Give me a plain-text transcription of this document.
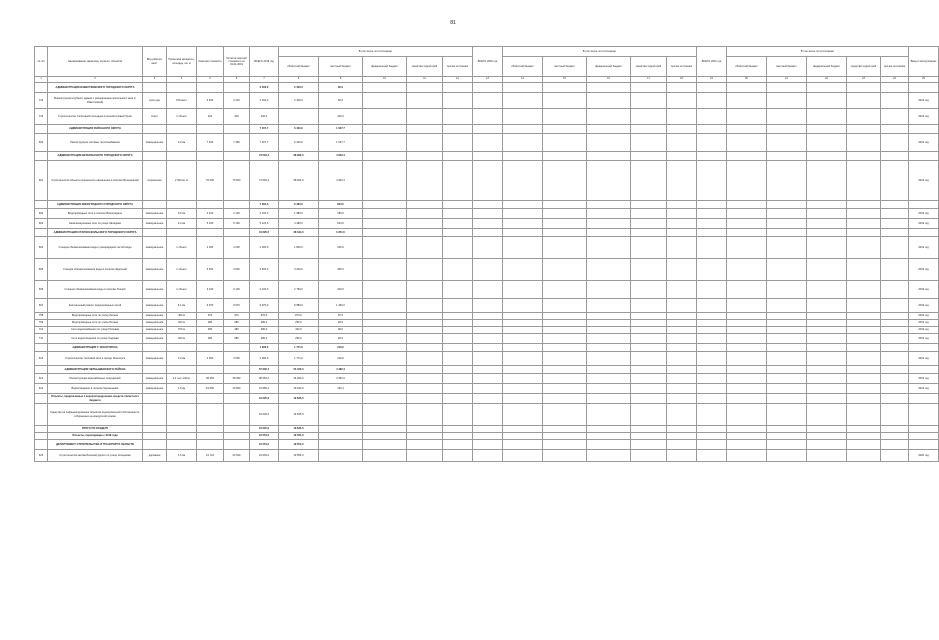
81
№ п/п	Наименование заказчика, отрасли, объектов	Вид рабочих мест	Проектная мощность, площадь, км, м	Сметная стоимость	Остаток сметной стоимости на 01.01.2019	ВСЕГО 2019 год	В том числе по источникам:					ВСЕГО 2020 год	В том числе по источникам:					ВСЕГО 2021 год	В том числе по источникам:					Ввод в эксплуатацию
							областной бюджет	местный бюджет	федеральный бюджет	средства территорий	прочие источники		областной бюджет	местный бюджет	федеральный бюджет	средства территорий	прочие источники		областной бюджет	местный бюджет	федеральный бюджет	средства территорий	прочие источники	
1	2	3	4	5	6	7	8	9	10	11	12	13	14	15	16	17	18	19	20	21	22	23	24	25
	АДМИНИСТРАЦИЯ ИЗВЕСТКОВСКОГО ГОРОДСКОГО ОКРУГА					2 460,0	2 400,0	60,0																
716	Реконструкция клубного здания с расширением зрительного зала (г. Известковый)	культура	150 мест	2 540	2 410	2 462,0	2 400,0	62,0																2019 год
716	Строительство спортивной площадки в поселке Новый Ургал	спорт	1 объект	420	420	420,0		420,0																2019 год
	АДМИНИСТРАЦИЯ РАЙОННОГО ОКРУГА					7 467,7	6 440,0	1 027,7																
600	Реконструкция системы теплоснабжения	коммунальное	3,0 км	7 460	7 460	7 467,7	6 440,0	1 027,7																2019 год
	АДМИНИСТРАЦИЯ ВЕТЕРАНСКОГО ГОРОДСКОГО ОКРУГА					73 594,4	68 962,0	4 632,4																
601	Строительство объекта социального назначения в поселке Ветеранский	социальное	2 400 кв. м	76 600	76 600	73 594,4	68 962,0	4 632,4																2019 год
	АДМИНИСТРАЦИЯ ВИНОГРАДНОГО ГОРОДСКОГО ОКРУГА					7 284,5	6 460,0	824,5																
602	Водопроводные сети в поселке Виноградное	коммунальное	0,9 км	2 100	2 100	2 160,0	1 980,0	180,0																2019 год
603	Канализационные сети по улице Западная	коммунальное	2,0 км	5 100	5 100	5 124,5	4 480,0	644,5																2019 год
	АДМИНИСТРАЦИЯ СТАРООСКОЛЬСКОГО ГОРОДСКОГО ОКРУГА					31 695,5	28 344,0	3 351,5																
604	Станция обезжелезивания воды с резервуаром чистой воды	коммунальное	1 объект	2 000	2 000	2 000,0	1 800,0	200,0																2019 год
605	Станция обезжелезивания воды в поселке Заречный	коммунальное	1 объект	3 600	3 600	3 600,0	3 240,0	360,0																2019 год
606	Станция обезжелезивания воды в поселке Лесной	коммунальное	1 объект	3 100	3 100	3 100,0	2 790,0	310,0																2019 год
607	Капитальный ремонт водопроводных сетей	коммунальное	6,1 км	9 970	9 970	9 970,0	8 580,0	1 390,0																2019 год
708	Водопроводные сети по улице Лесная	коммунальное	400 м	970	970	970,0	873,0	97,0																2019 год
709	Водопроводные сети по улице Речная	коммунальное	300 м	280	280	280,0	252,0	28,0																2019 год
710	Сети водоснабжения по улице Полевая	коммунальное	570 м	480	480	480,0	432,0	48,0																2019 год
711	Сети водоотведения по улице Садовая	коммунальное	300 м	280	280	280,0	252,0	28,0																2019 год
	АДМИНИСТРАЦИЯ Г. ЯСНОГОРСКА					1 990,0	1 771,0	219,0																
612	Строительство тепловой сети в городе Ясногорск	коммунальное	1,0 км	2 000	2 000	1 990,0	1 771,0	219,0																2019 год
	АДМИНИСТРАЦИЯ ЧЕРНЫШЕВСКОГО РАЙОНА					57 902,4	53 420,0	4 482,4																
613	Реконструкция водозаборных сооружений	коммунальное	2,0 тыс. м3/сут	38 352	38 352	38 352,0	34 000,0	4 352,0																2019 год
614	Водоотведение в поселке Чернышевск	коммунальное	1,5 км	19 550	19 550	19 550,4	19 420,0	130,4																2019 год
	Объекты, предлагаемые к перераспределению средств областного бюджета					19 625,0	19 625,0																	
	Средства на софинансирование объектов муниципальной собственности, отбираемых на конкурсной основе					19 625,0	19 625,0																	
	ИТОГО ПО РАЗДЕЛУ					19 625,0	19 625,0																	
	Объекты, переходящие с 2018 года					19 554,0	19 554,0																	
	ДЕПАРТАМЕНТ СТРОИТЕЛЬСТВА И ТРАНСПОРТА ОБЛАСТИ					19 554,0	19 554,0																	
615	Строительство автомобильной дороги по улице Кольцевая	дорожное	1,5 км	21 724	20 520	19 554,0	19 554,0																	2020 год
